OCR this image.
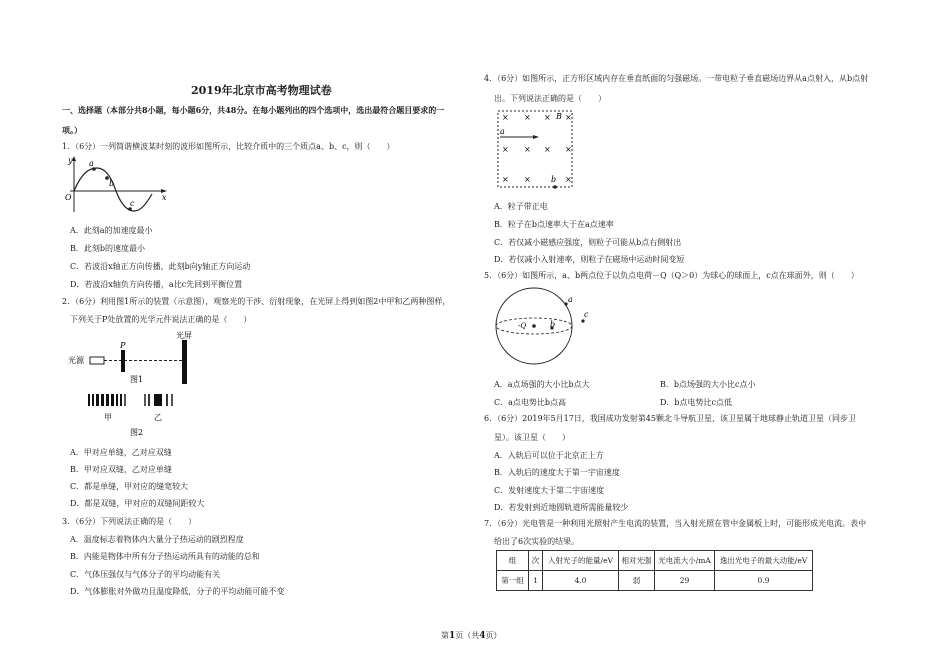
2019年北京市高考物理试卷
一、选择题（本部分共8小题，每小题6分，共48分。在每小题列出的四个选项中，选出最符合题目要求的一
项。）
1．（6分）一列简谐横波某时刻的波形如图所示，比较介质中的三个质点a、b、c，则（　　）
y
O
a
b
c
x
A．此刻a的加速度最小
B．此刻b的速度最小
C．若波沿x轴正方向传播，此刻b向y轴正方向运动
D．若波沿x轴负方向传播，a比c先回到平衡位置
2．（6分）利用图1所示的装置（示意图），观察光的干涉、衍射现象，在光屏上得到如图2中甲和乙两种图样，
下列关于P处放置的光学元件说法正确的是（　　）
光源
P
光屏
图1
甲	乙
图2
A．甲对应单缝，乙对应双缝
B．甲对应双缝，乙对应单缝
C．都是单缝，甲对应的缝宽较大
D．都是双缝，甲对应的双缝间距较大
3．（6分）下列说法正确的是（　　）
A．温度标志着物体内大量分子热运动的剧烈程度
B．内能是物体中所有分子热运动所具有的动能的总和
C．气体压强仅与气体分子的平均动能有关
D．气体膨胀对外做功且温度降低，分子的平均动能可能不变
4．（6分）如图所示，正方形区域内存在垂直纸面的匀强磁场。一带电粒子垂直磁场边界从a点射入，从b点射
出。下列说法正确的是（　　）
× × × ×
× × × ×
× ×	×
B
a
b
A．粒子带正电
B．粒子在b点速率大于在a点速率
C．若仅减小磁感应强度，则粒子可能从b点右侧射出
D．若仅减小入射速率，则粒子在磁场中运动时间变短
5．（6分）如图所示，a、b两点位于以负点电荷－Q（Q＞0）为球心的球面上，c点在球面外，则（　　）
-Q
a
b
c
A．a点场强的大小比b点大	B．b点场强的大小比c点小
C．a点电势比b点高	D．b点电势比c点低
6．（6分）2019年5月17日，我国成功发射第45颗北斗导航卫星，该卫星属于地球静止轨道卫星（同步卫
星）。该卫星（　　）
A．入轨后可以位于北京正上方
B．入轨后的速度大于第一宇宙速度
C．发射速度大于第二宇宙速度
D．若发射到近地圆轨道所需能量较少
7．（6分）光电管是一种利用光照射产生电流的装置，当入射光照在管中金属板上时，可能形成光电流。表中
给出了6次实验的结果。
组	次	入射光子的能量/eV	相对光强	光电流大小/mA	逸出光电子的最大动能/eV
第一组	1	4.0	弱	29	0.9
第1页（共4页）
